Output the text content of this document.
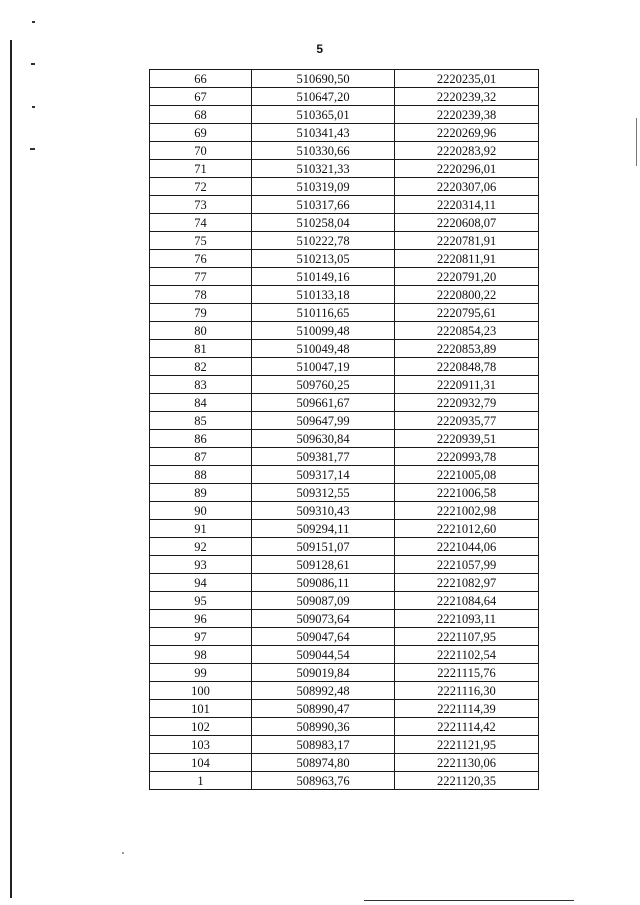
5
66	510690,50	2220235,01
67	510647,20	2220239,32
68	510365,01	2220239,38
69	510341,43	2220269,96
70	510330,66	2220283,92
71	510321,33	2220296,01
72	510319,09	2220307,06
73	510317,66	2220314,11
74	510258,04	2220608,07
75	510222,78	2220781,91
76	510213,05	2220811,91
77	510149,16	2220791,20
78	510133,18	2220800,22
79	510116,65	2220795,61
80	510099,48	2220854,23
81	510049,48	2220853,89
82	510047,19	2220848,78
83	509760,25	2220911,31
84	509661,67	2220932,79
85	509647,99	2220935,77
86	509630,84	2220939,51
87	509381,77	2220993,78
88	509317,14	2221005,08
89	509312,55	2221006,58
90	509310,43	2221002,98
91	509294,11	2221012,60
92	509151,07	2221044,06
93	509128,61	2221057,99
94	509086,11	2221082,97
95	509087,09	2221084,64
96	509073,64	2221093,11
97	509047,64	2221107,95
98	509044,54	2221102,54
99	509019,84	2221115,76
100	508992,48	2221116,30
101	508990,47	2221114,39
102	508990,36	2221114,42
103	508983,17	2221121,95
104	508974,80	2221130,06
1	508963,76	2221120,35
